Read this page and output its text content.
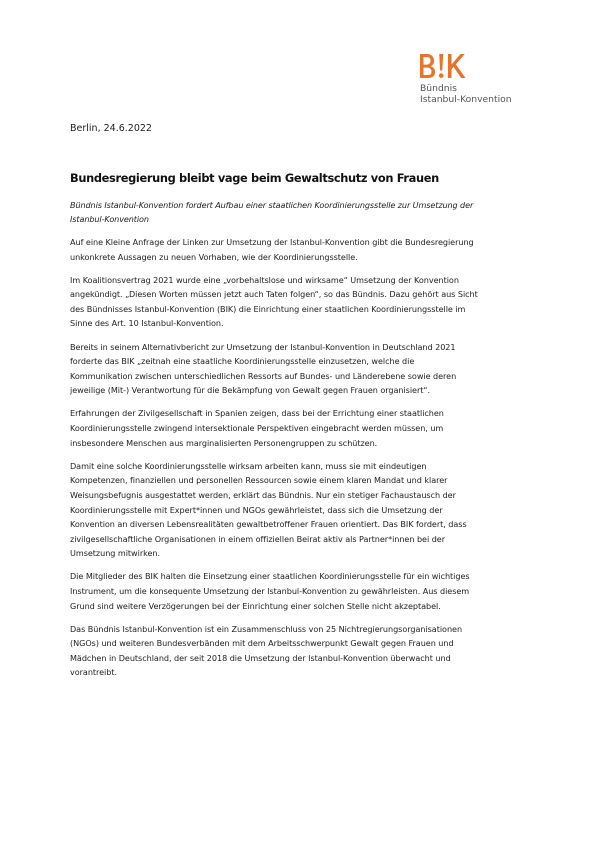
Bündnis
Istanbul-Konvention
Berlin, 24.6.2022
Bundesregierung bleibt vage beim Gewaltschutz von Frauen
Bündnis Istanbul-Konvention fordert Aufbau einer staatlichen Koordinierungsstelle zur Umsetzung der
Istanbul-Konvention

Auf eine Kleine Anfrage der Linken zur Umsetzung der Istanbul-Konvention gibt die Bundesregierung
unkonkrete Aussagen zu neuen Vorhaben, wie der Koordinierungsstelle.

Im Koalitionsvertrag 2021 wurde eine „vorbehaltslose und wirksame“ Umsetzung der Konvention
angekündigt. „Diesen Worten müssen jetzt auch Taten folgen“, so das Bündnis. Dazu gehört aus Sicht
des Bündnisses Istanbul-Konvention (BIK) die Einrichtung einer staatlichen Koordinierungsstelle im
Sinne des Art. 10 Istanbul-Konvention.

Bereits in seinem Alternativbericht zur Umsetzung der Istanbul-Konvention in Deutschland 2021
forderte das BIK „zeitnah eine staatliche Koordinierungsstelle einzusetzen, welche die
Kommunikation zwischen unterschiedlichen Ressorts auf Bundes- und Länderebene sowie deren
jeweilige (Mit-) Verantwortung für die Bekämpfung von Gewalt gegen Frauen organisiert“.

Erfahrungen der Zivilgesellschaft in Spanien zeigen, dass bei der Errichtung einer staatlichen
Koordinierungsstelle zwingend intersektionale Perspektiven eingebracht werden müssen, um
insbesondere Menschen aus marginalisierten Personengruppen zu schützen.

Damit eine solche Koordinierungsstelle wirksam arbeiten kann, muss sie mit eindeutigen
Kompetenzen, finanziellen und personellen Ressourcen sowie einem klaren Mandat und klarer
Weisungsbefugnis ausgestattet werden, erklärt das Bündnis. Nur ein stetiger Fachaustausch der
Koordinierungsstelle mit Expert*innen und NGOs gewährleistet, dass sich die Umsetzung der
Konvention an diversen Lebensrealitäten gewaltbetroffener Frauen orientiert. Das BIK fordert, dass
zivilgesellschaftliche Organisationen in einem offiziellen Beirat aktiv als Partner*innen bei der
Umsetzung mitwirken.

Die Mitglieder des BIK halten die Einsetzung einer staatlichen Koordinierungsstelle für ein wichtiges
Instrument, um die konsequente Umsetzung der Istanbul-Konvention zu gewährleisten. Aus diesem
Grund sind weitere Verzögerungen bei der Einrichtung einer solchen Stelle nicht akzeptabel.

Das Bündnis Istanbul-Konvention ist ein Zusammenschluss von 25 Nichtregierungsorganisationen
(NGOs) und weiteren Bundesverbänden mit dem Arbeitsschwerpunkt Gewalt gegen Frauen und
Mädchen in Deutschland, der seit 2018 die Umsetzung der Istanbul-Konvention überwacht und
vorantreibt.
